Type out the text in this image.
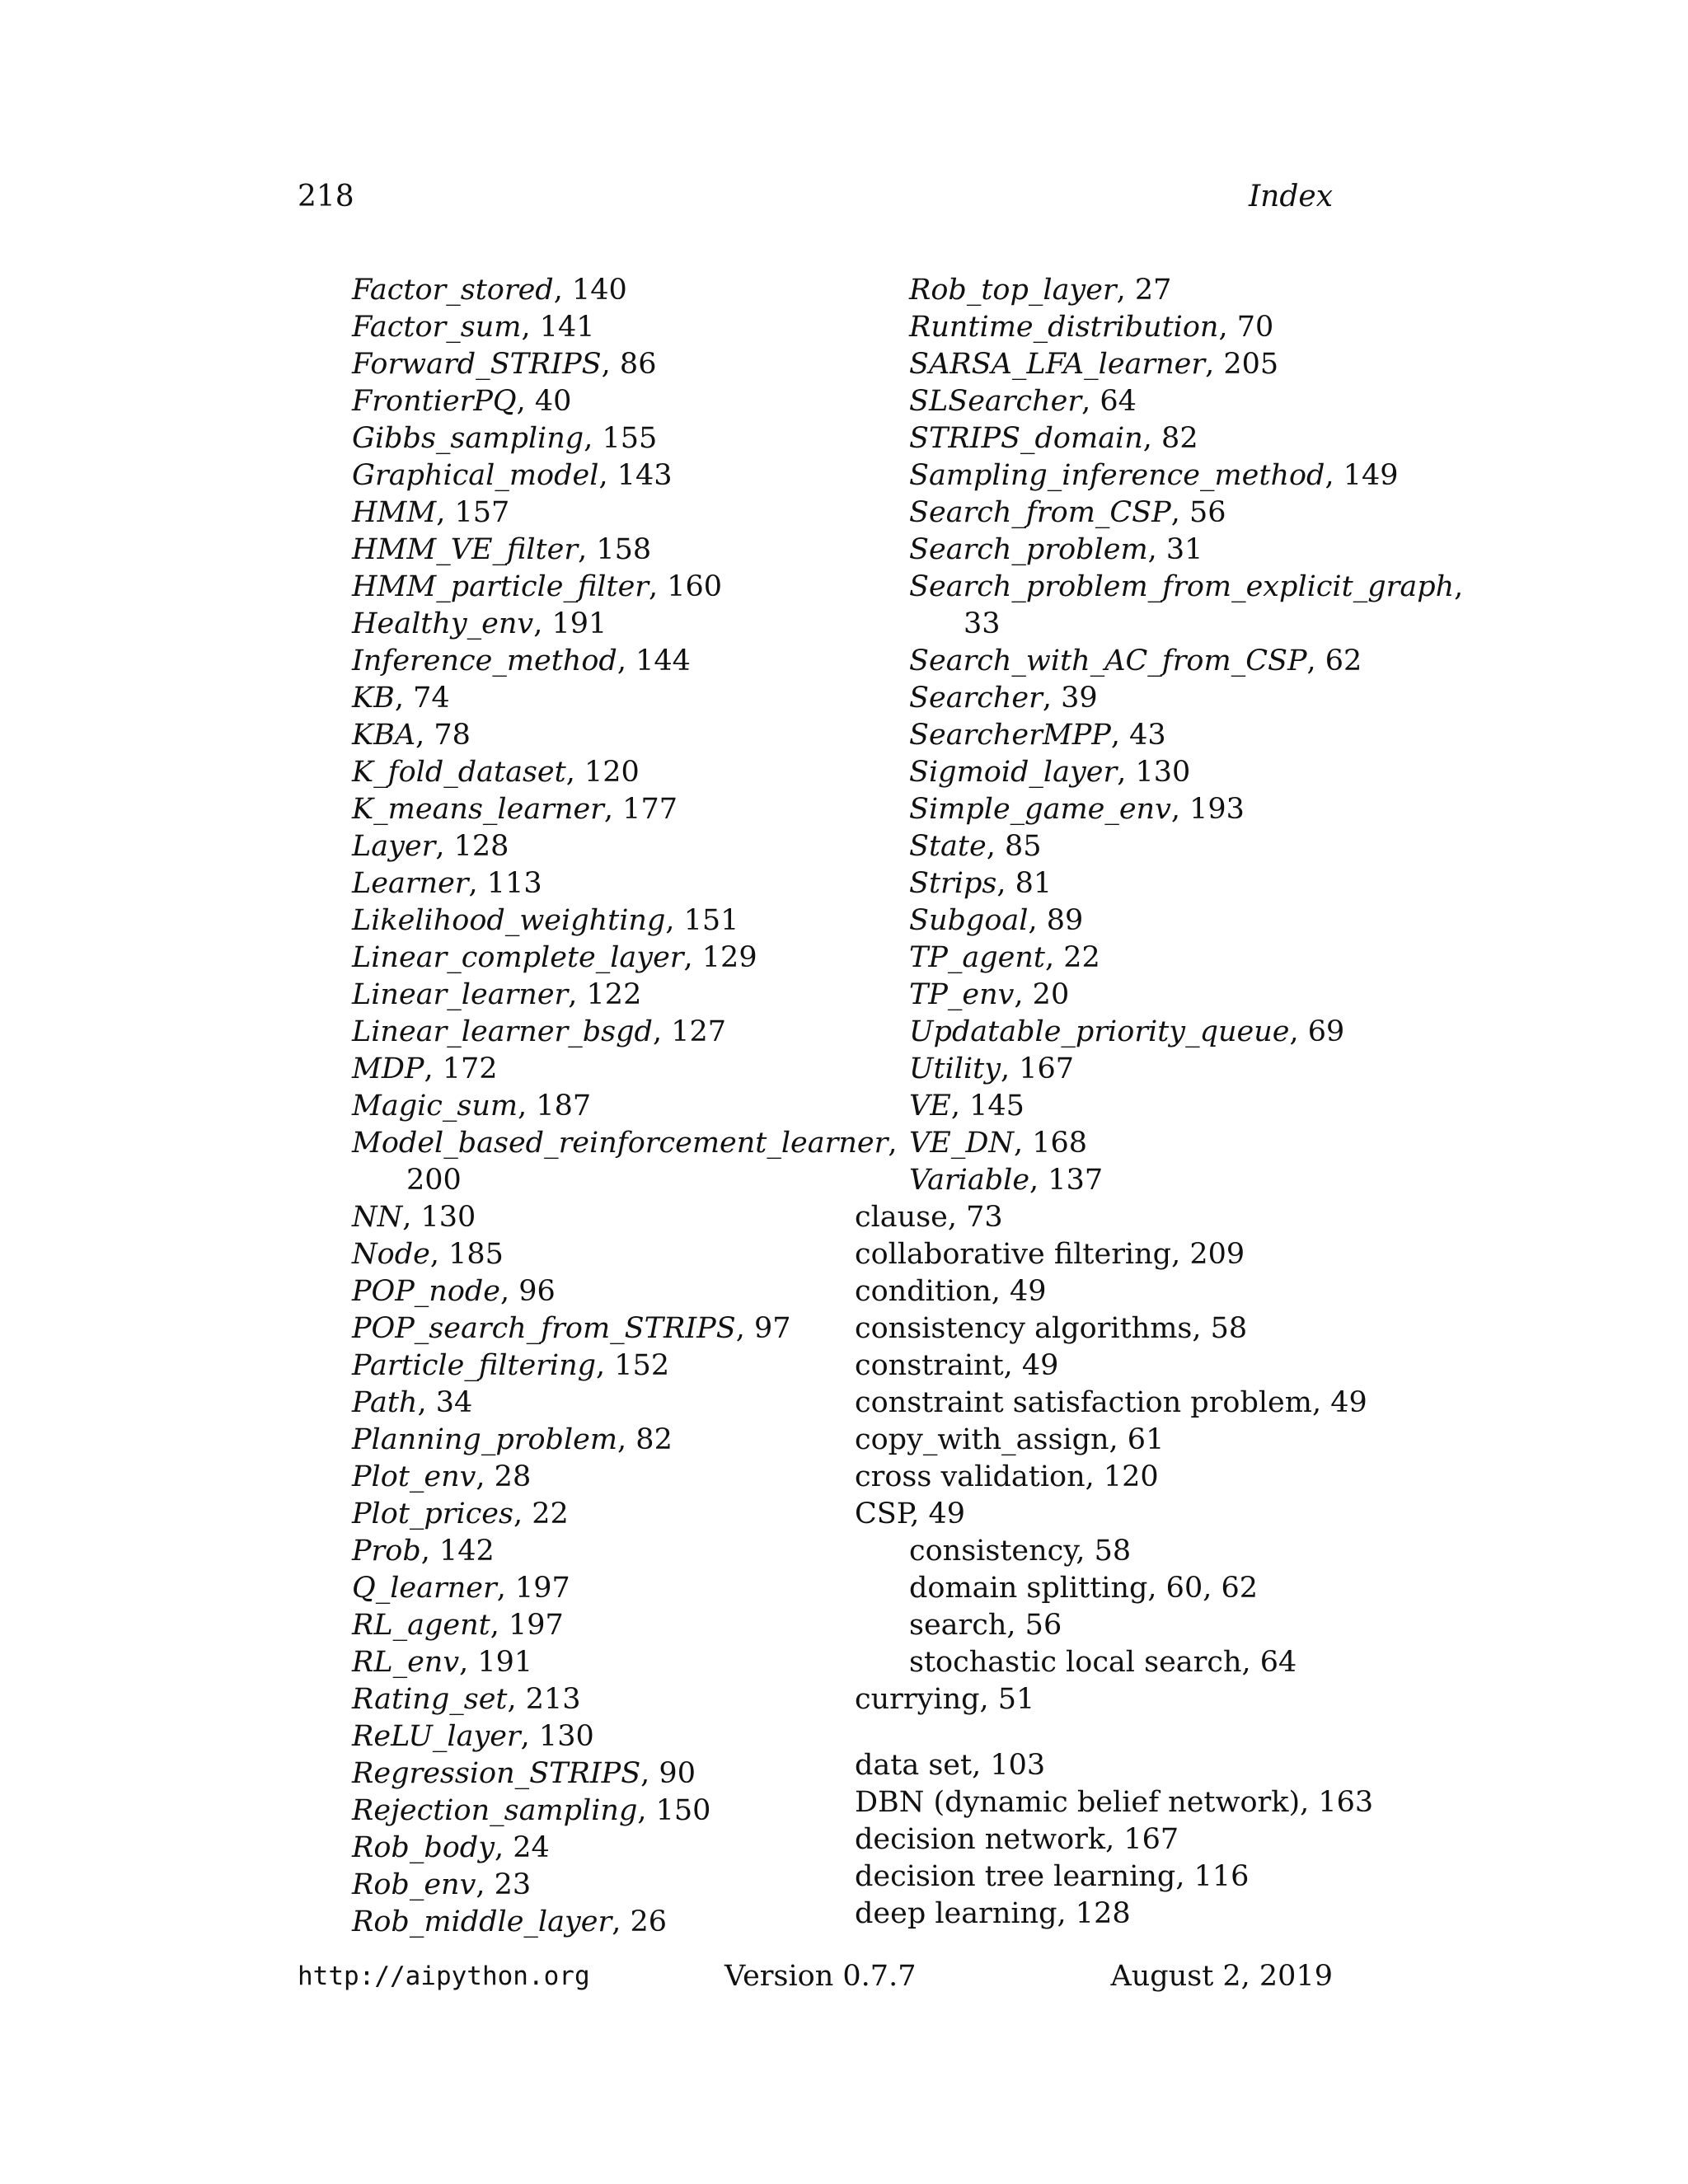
218	Index
Factor_stored, 140
Factor_sum, 141
Forward_STRIPS, 86
FrontierPQ, 40
Gibbs_sampling, 155
Graphical_model, 143
HMM, 157
HMM_VE_filter, 158
HMM_particle_filter, 160
Healthy_env, 191
Inference_method, 144
KB, 74
KBA, 78
K_fold_dataset, 120
K_means_learner, 177
Layer, 128
Learner, 113
Likelihood_weighting, 151
Linear_complete_layer, 129
Linear_learner, 122
Linear_learner_bsgd, 127
MDP, 172
Magic_sum, 187
Model_based_reinforcement_learner,
200
NN, 130
Node, 185
POP_node, 96
POP_search_from_STRIPS, 97
Particle_filtering, 152
Path, 34
Planning_problem, 82
Plot_env, 28
Plot_prices, 22
Prob, 142
Q_learner, 197
RL_agent, 197
RL_env, 191
Rating_set, 213
ReLU_layer, 130
Regression_STRIPS, 90
Rejection_sampling, 150
Rob_body, 24
Rob_env, 23
Rob_middle_layer, 26
Rob_top_layer, 27
Runtime_distribution, 70
SARSA_LFA_learner, 205
SLSearcher, 64
STRIPS_domain, 82
Sampling_inference_method, 149
Search_from_CSP, 56
Search_problem, 31
Search_problem_from_explicit_graph,
33
Search_with_AC_from_CSP, 62
Searcher, 39
SearcherMPP, 43
Sigmoid_layer, 130
Simple_game_env, 193
State, 85
Strips, 81
Subgoal, 89
TP_agent, 22
TP_env, 20
Updatable_priority_queue, 69
Utility, 167
VE, 145
VE_DN, 168
Variable, 137
clause, 73
collaborative filtering, 209
condition, 49
consistency algorithms, 58
constraint, 49
constraint satisfaction problem, 49
copy_with_assign, 61
cross validation, 120
CSP, 49
consistency, 58
domain splitting, 60, 62
search, 56
stochastic local search, 64
currying, 51
data set, 103
DBN (dynamic belief network), 163
decision network, 167
decision tree learning, 116
deep learning, 128
http://aipython.org	Version 0.7.7	August 2, 2019
